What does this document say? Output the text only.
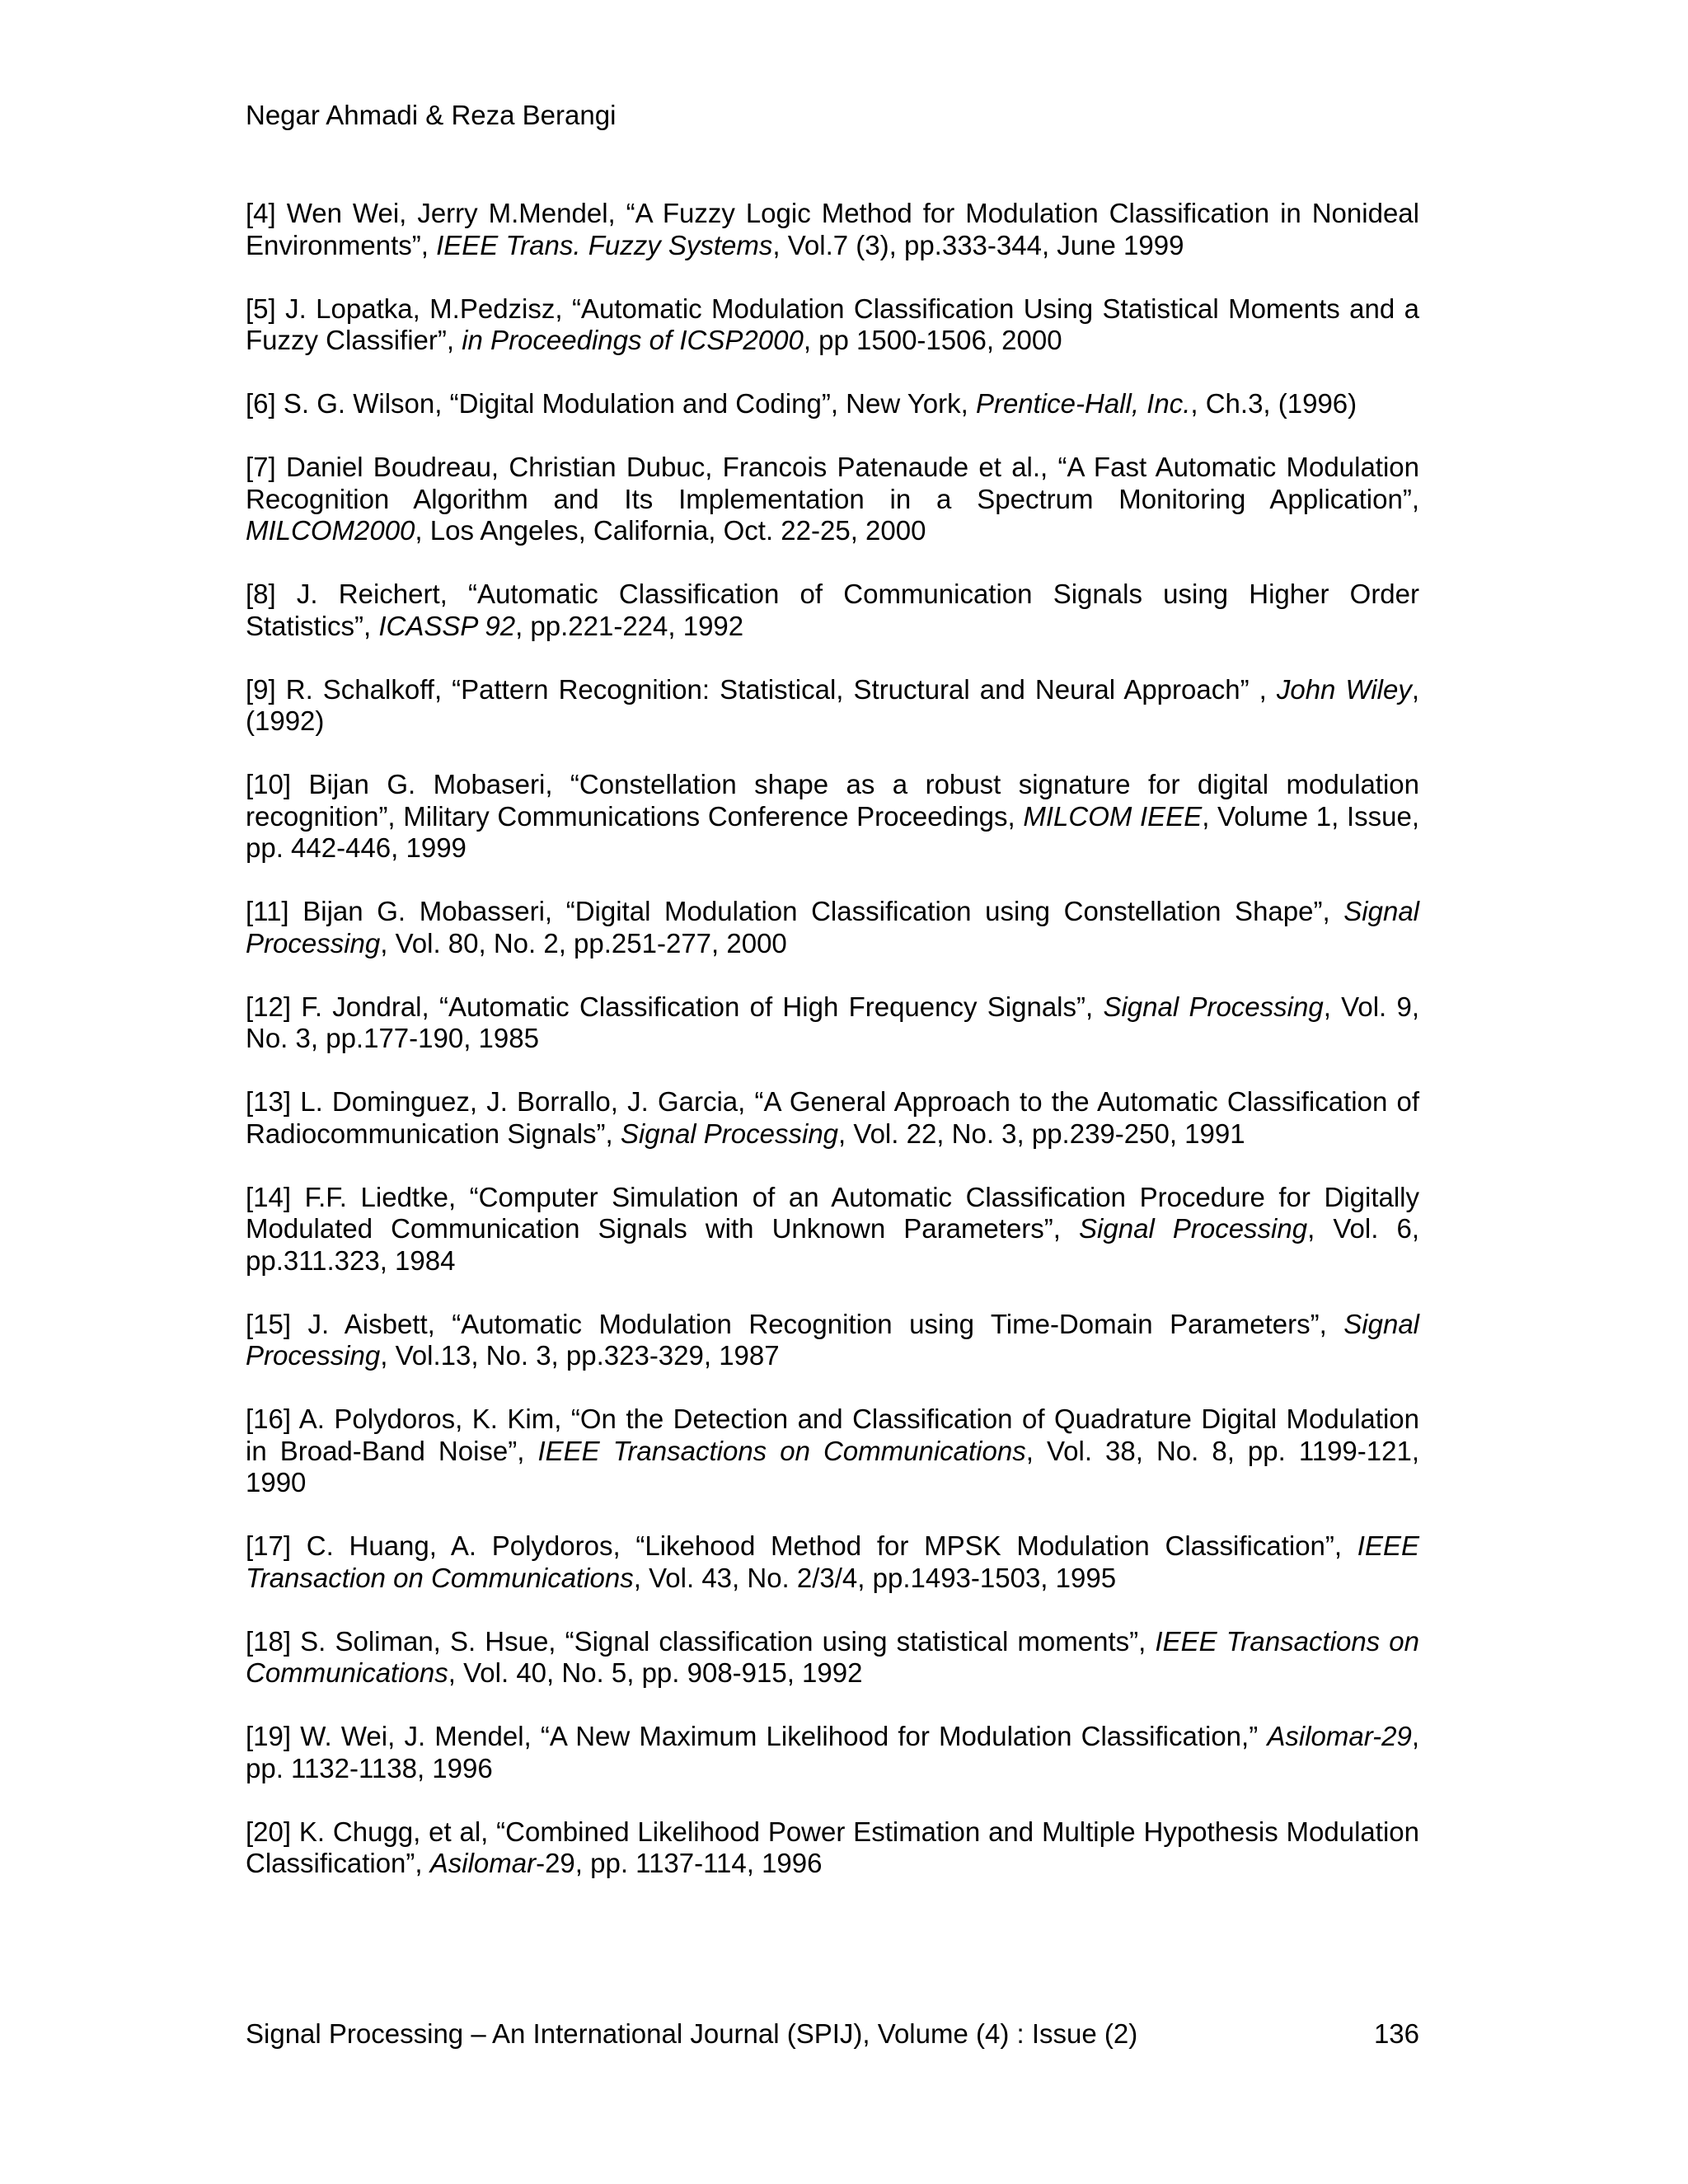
Negar Ahmadi & Reza Berangi
[4] Wen Wei, Jerry M.Mendel, “A Fuzzy Logic Method for Modulation Classification in Nonideal Environments”, IEEE Trans. Fuzzy Systems, Vol.7 (3), pp.333-344, June 1999
[5] J. Lopatka, M.Pedzisz, “Automatic Modulation Classification Using Statistical Moments and a Fuzzy Classifier”, in Proceedings of ICSP2000, pp 1500-1506, 2000
[6] S. G. Wilson, “Digital Modulation and Coding”, New York, Prentice-Hall, Inc., Ch.3, (1996)
[7] Daniel Boudreau, Christian Dubuc, Francois Patenaude et al., “A Fast Automatic Modulation Recognition Algorithm and Its Implementation in a Spectrum Monitoring Application”, MILCOM2000, Los Angeles, California, Oct. 22-25, 2000
[8] J. Reichert, “Automatic Classification of Communication Signals using Higher Order Statistics”, ICASSP 92, pp.221-224, 1992
[9] R. Schalkoff, “Pattern Recognition: Statistical, Structural and Neural Approach” , John Wiley, (1992)
[10] Bijan G. Mobaseri, “Constellation shape as a robust signature for digital modulation recognition”, Military Communications Conference Proceedings, MILCOM IEEE, Volume 1, Issue, pp. 442-446, 1999
[11] Bijan G. Mobasseri, “Digital Modulation Classification using Constellation Shape”, Signal Processing, Vol. 80, No. 2, pp.251-277, 2000
[12] F. Jondral, “Automatic Classification of High Frequency Signals”, Signal Processing, Vol. 9, No. 3, pp.177-190, 1985
[13] L. Dominguez, J. Borrallo, J. Garcia, “A General Approach to the Automatic Classification of Radiocommunication Signals”, Signal Processing, Vol. 22, No. 3, pp.239-250, 1991
[14] F.F. Liedtke, “Computer Simulation of an Automatic Classification Procedure for Digitally Modulated Communication Signals with Unknown Parameters”, Signal Processing, Vol. 6, pp.311.323, 1984
[15] J. Aisbett, “Automatic Modulation Recognition using Time-Domain Parameters”, Signal Processing, Vol.13, No. 3, pp.323-329, 1987
[16] A. Polydoros, K. Kim, “On the Detection and Classification of Quadrature Digital Modulation in Broad-Band Noise”, IEEE Transactions on Communications, Vol. 38, No. 8, pp. 1199-121, 1990
[17] C. Huang, A. Polydoros, “Likehood Method for MPSK Modulation Classification”, IEEE Transaction on Communications, Vol. 43, No. 2/3/4, pp.1493-1503, 1995
[18] S. Soliman, S. Hsue, “Signal classification using statistical moments”, IEEE Transactions on Communications, Vol. 40, No. 5, pp. 908-915, 1992
[19] W. Wei, J. Mendel, “A New Maximum Likelihood for Modulation Classification,” Asilomar-29, pp. 1132-1138, 1996
[20] K. Chugg, et al, “Combined Likelihood Power Estimation and Multiple Hypothesis Modulation Classification”, Asilomar-29, pp. 1137-114, 1996
Signal Processing – An International Journal (SPIJ), Volume (4) : Issue (2)	136
